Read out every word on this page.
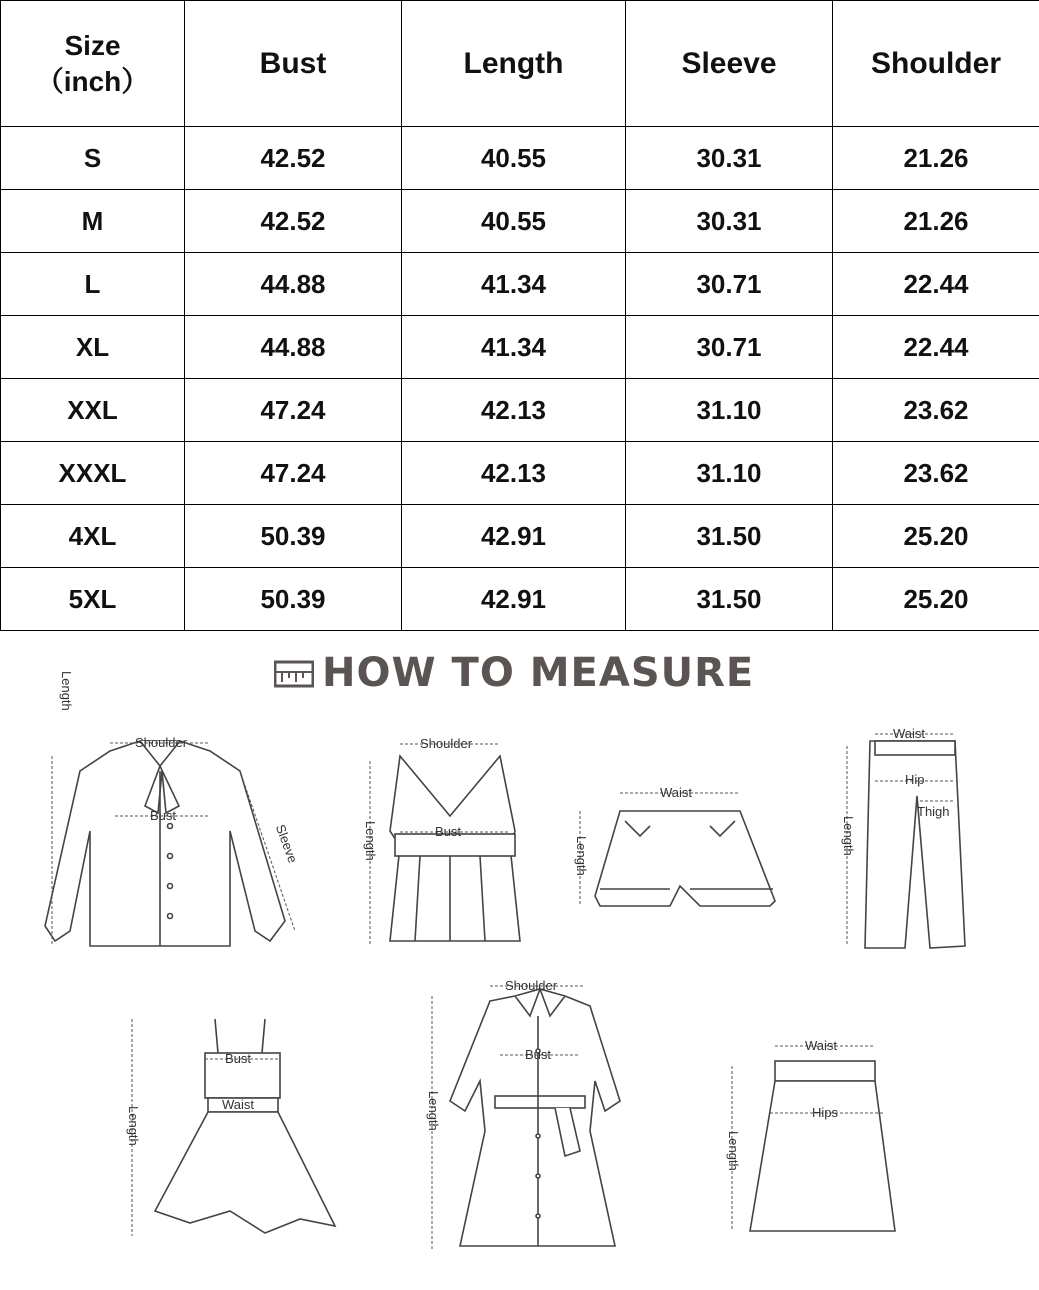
Size
（inch）	Bust	Length	Sleeve	Shoulder
S	42.52	40.55	30.31	21.26
M	42.52	40.55	30.31	21.26
L	44.88	41.34	30.71	22.44
XL	44.88	41.34	30.71	22.44
XXL	47.24	42.13	31.10	23.62
XXXL	47.24	42.13	31.10	23.62
4XL	50.39	42.91	31.50	25.20
5XL	50.39	42.91	31.50	25.20
HOW TO MEASURE
Shoulder
Bust
Length
Sleeve
Shoulder
Bust
Length
Waist
Length
Waist
Hip
Thigh
Length
Bust
Waist
Length
Shoulder
Bust
Length
Waist
Hips
Length
